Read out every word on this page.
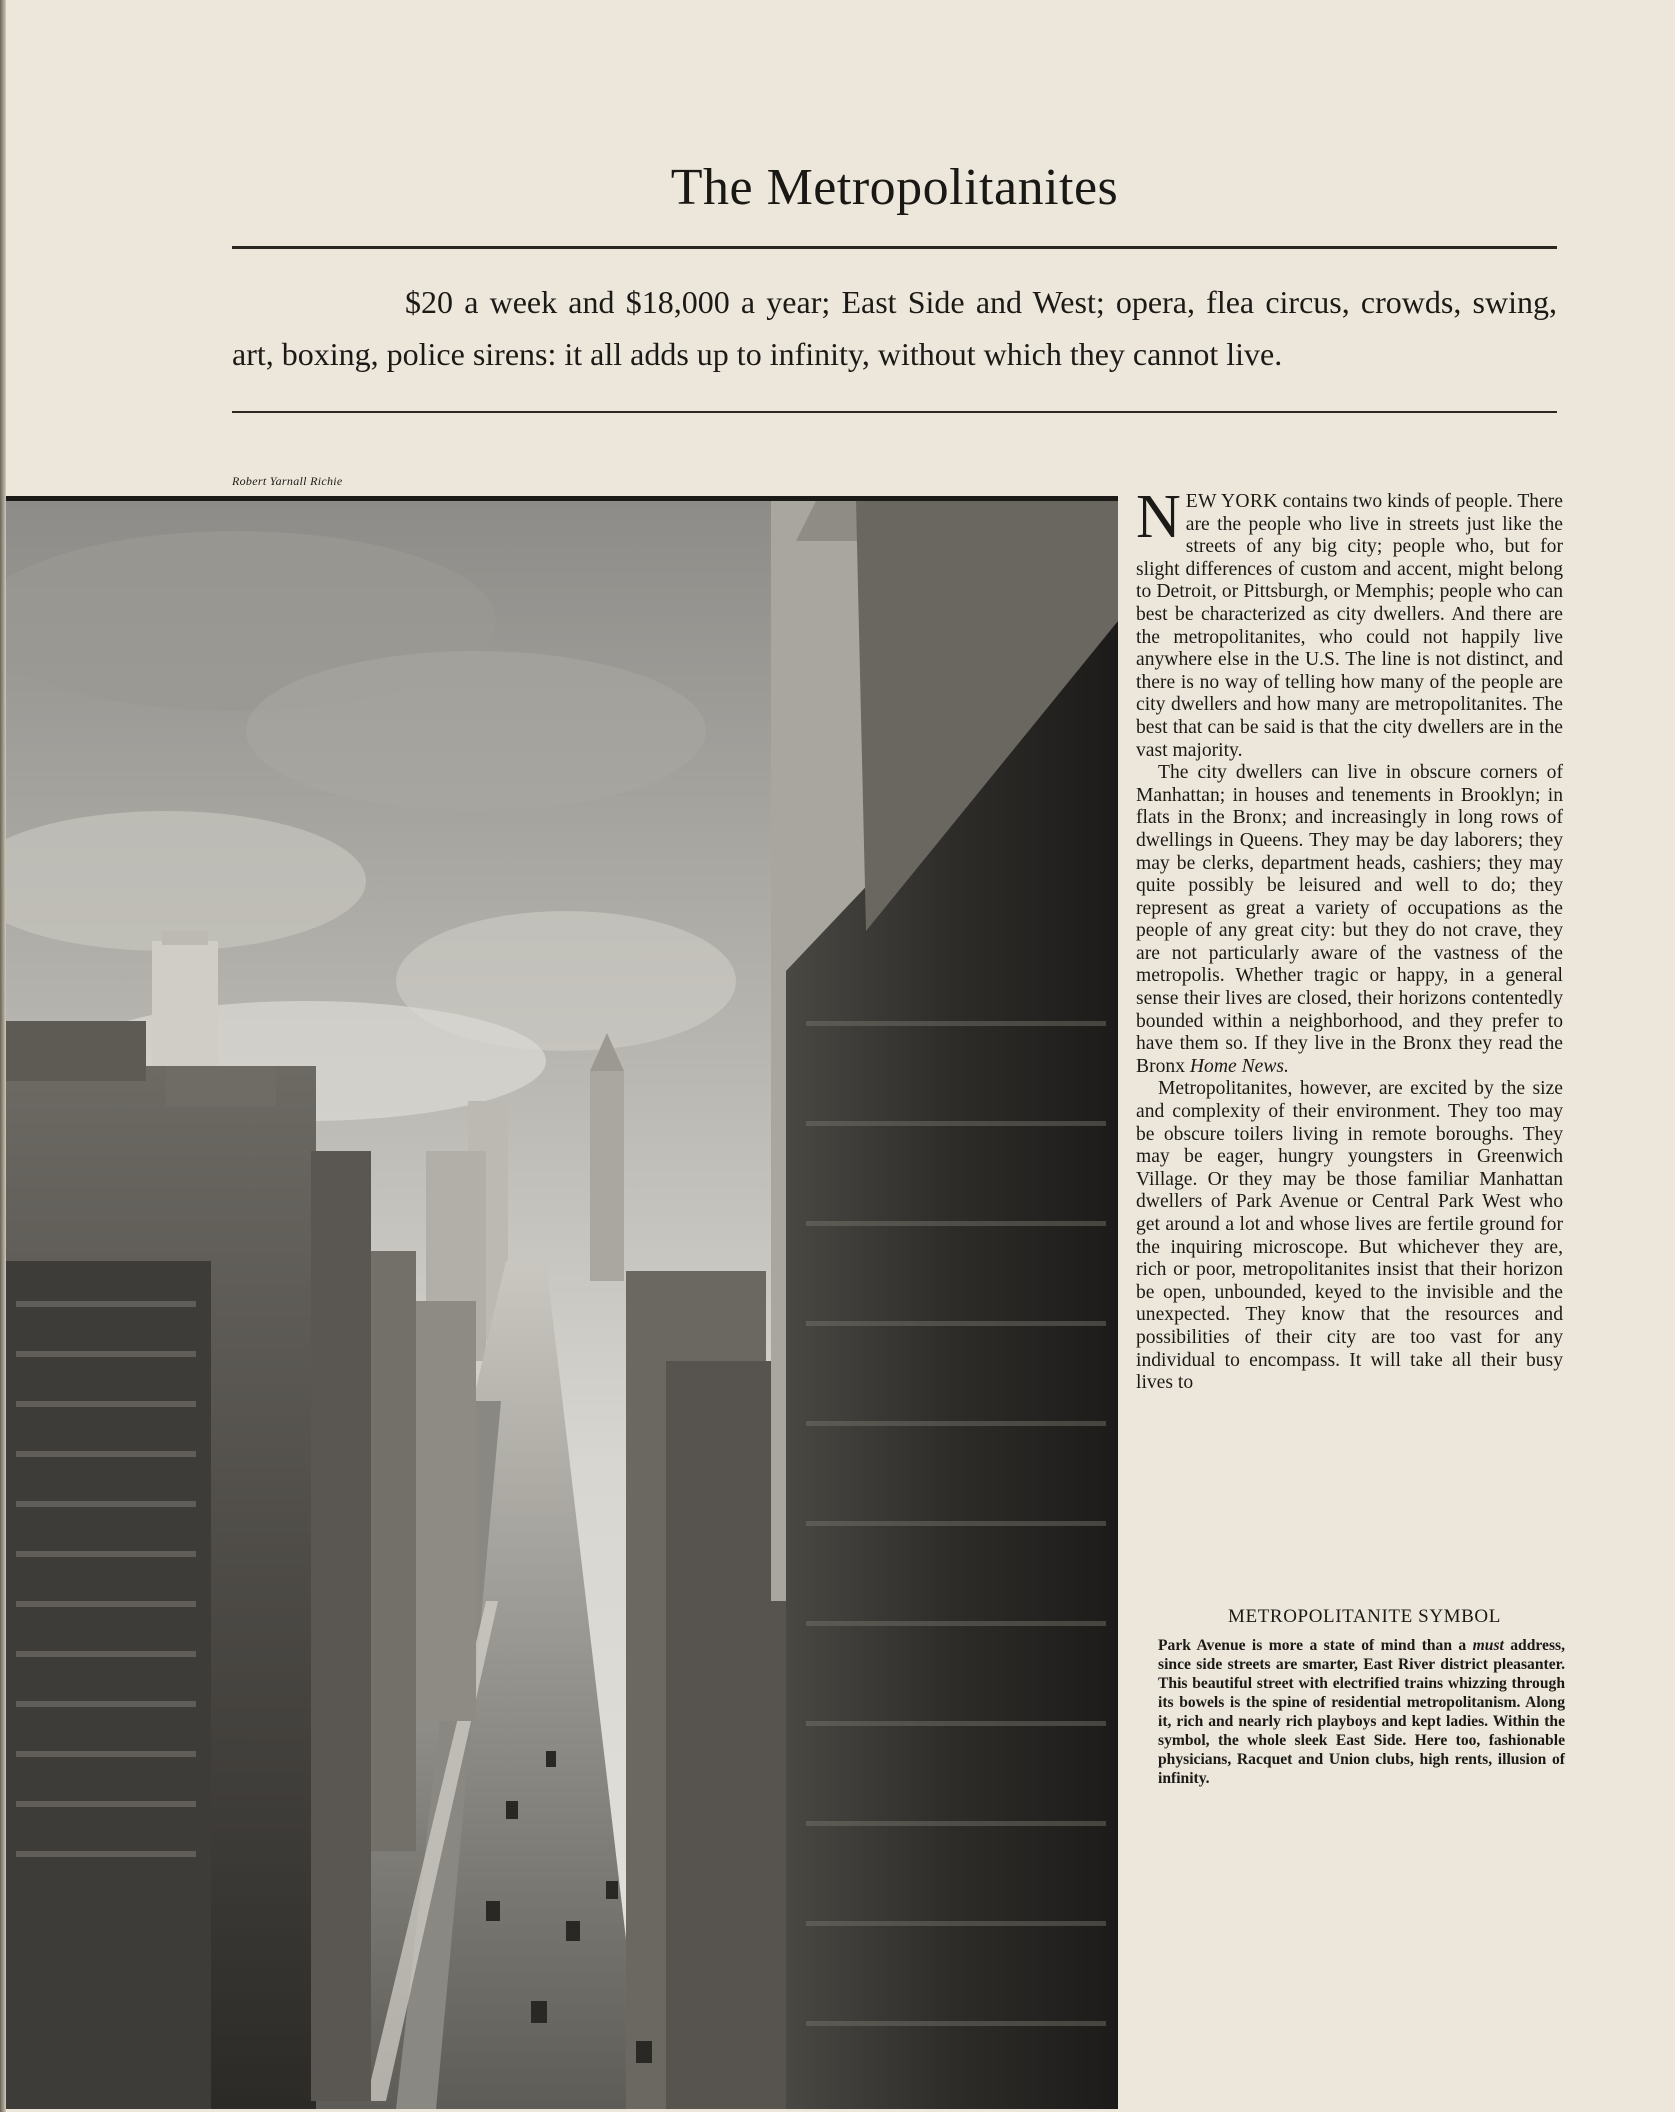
The Metropolitanites

$20 a week and $18,000 a year; East Side and West; opera, flea circus, crowds, swing, art, boxing, police sirens: it all adds up to infinity, without which they cannot live.

Robert Yarnall Richie

NEW YORK contains two kinds of people. There are the people who live in streets just like the streets of any big city; people who, but for slight differences of custom and accent, might belong to Detroit, or Pittsburgh, or Memphis; people who can best be characterized as city dwellers. And there are the metropolitanites, who could not happily live anywhere else in the U.S. The line is not distinct, and there is no way of telling how many of the people are city dwellers and how many are metropolitanites. The best that can be said is that the city dwellers are in the vast majority.

The city dwellers can live in obscure corners of Manhattan; in houses and tenements in Brooklyn; in flats in the Bronx; and increasingly in long rows of dwellings in Queens. They may be day laborers; they may be clerks, department heads, cashiers; they may quite possibly be leisured and well to do; they represent as great a variety of occupations as the people of any great city: but they do not crave, they are not particularly aware of the vastness of the metropolis. Whether tragic or happy, in a general sense their lives are closed, their horizons contentedly bounded within a neighborhood, and they prefer to have them so. If they live in the Bronx they read the Bronx Home News.

Metropolitanites, however, are excited by the size and complexity of their environment. They too may be obscure toilers living in remote boroughs. They may be eager, hungry youngsters in Greenwich Village. Or they may be those familiar Manhattan dwellers of Park Avenue or Central Park West who get around a lot and whose lives are fertile ground for the inquiring microscope. But whichever they are, rich or poor, metropolitanites insist that their horizon be open, unbounded, keyed to the invisible and the unexpected. They know that the resources and possibilities of their city are too vast for any individual to encompass. It will take all their busy lives to

METROPOLITANITE SYMBOL

Park Avenue is more a state of mind than a must address, since side streets are smarter, East River district pleasanter. This beautiful street with electrified trains whizzing through its bowels is the spine of residential metropolitanism. Along it, rich and nearly rich playboys and kept ladies. Within the symbol, the whole sleek East Side. Here too, fashionable physicians, Racquet and Union clubs, high rents, illusion of infinity.
